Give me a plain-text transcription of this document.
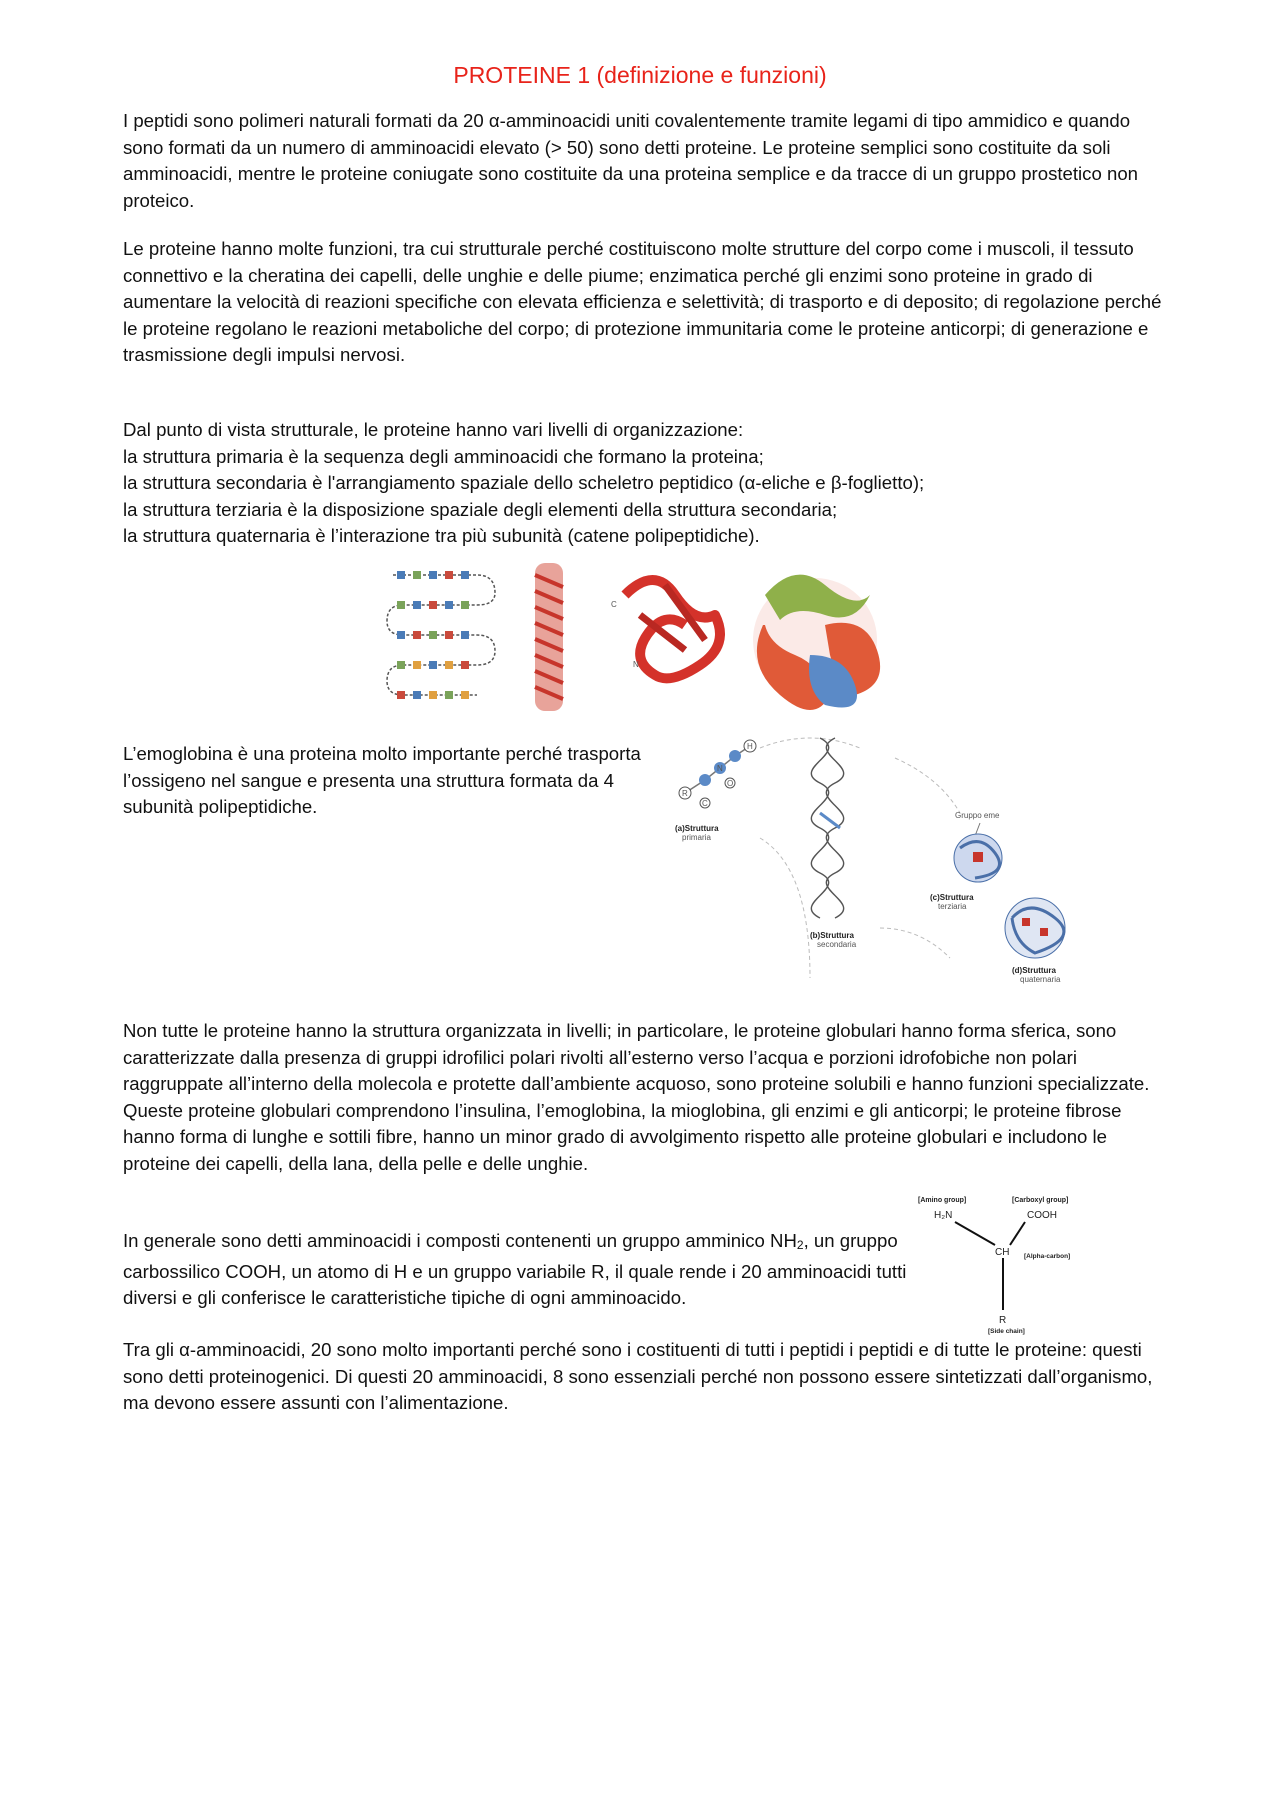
PROTEINE 1 (definizione e funzioni)

I peptidi sono polimeri naturali formati da 20 α-amminoacidi uniti covalentemente tramite legami di tipo ammidico e quando sono formati da un numero di amminoacidi elevato (> 50) sono detti proteine. Le proteine semplici sono costituite da soli amminoacidi, mentre le proteine coniugate sono costituite da una proteina semplice e da tracce di un gruppo prostetico non proteico.

Le proteine hanno molte funzioni, tra cui strutturale perché costituiscono molte strutture del corpo come i muscoli, il tessuto connettivo e la cheratina dei capelli, delle unghie e delle piume; enzimatica perché gli enzimi sono proteine in grado di aumentare la velocità di reazioni specifiche con elevata efficienza e selettività; di trasporto e di deposito; di regolazione perché le proteine regolano le reazioni metaboliche del corpo; di protezione immunitaria come le proteine anticorpi; di generazione e trasmissione degli impulsi nervosi.

Dal punto di vista strutturale, le proteine hanno vari livelli di organizzazione:
la struttura primaria è la sequenza degli amminoacidi che formano la proteina;
la struttura secondaria è l'arrangiamento spaziale dello scheletro peptidico (α-eliche e β-foglietto);
la struttura terziaria è la disposizione spaziale degli elementi della struttura secondaria;
la struttura quaternaria è l’interazione tra più subunità (catene polipeptidiche).
C
N

L’emoglobina è una proteina molto importante perché trasporta l’ossigeno nel sangue e presenta una struttura formata da 4 subunità polipeptidiche.

R
H
O
C
N
(a)Struttura
primaria
(b)Struttura
secondaria
Gruppo eme
(c)Struttura
terziaria
(d)Struttura
quaternaria

Non tutte le proteine hanno la struttura organizzata in livelli; in particolare, le proteine globulari hanno forma sferica, sono caratterizzate dalla presenza di gruppi idrofilici polari rivolti all’esterno verso l’acqua e porzioni idrofobiche non polari raggruppate all’interno della molecola e protette dall’ambiente acquoso, sono proteine solubili e hanno funzioni specializzate. Queste proteine globulari comprendono l’insulina, l’emoglobina, la mioglobina, gli enzimi e gli anticorpi; le proteine fibrose hanno forma di lunghe e sottili fibre, hanno un minor grado di avvolgimento rispetto alle proteine globulari e includono le proteine dei capelli, della lana, della pelle e delle unghie.

In generale sono detti amminoacidi i composti contenenti un gruppo amminico $NH_2$, un gruppo carbossilico COOH, un atomo di H e un gruppo variabile R, il quale rende i 20 amminoacidi tutti diversi e gli conferisce le caratteristiche tipiche di ogni amminoacido.

[Amino group]	[Carboxyl group]
H₂N	COOH
CH [Alpha-carbon]
R
[Side chain]

Tra gli α-amminoacidi, 20 sono molto importanti perché sono i costituenti di tutti i peptidi i peptidi e di tutte le proteine: questi sono detti proteinogenici. Di questi 20 amminoacidi, 8 sono essenziali perché non possono essere sintetizzati dall’organismo, ma devono essere assunti con l’alimentazione.
